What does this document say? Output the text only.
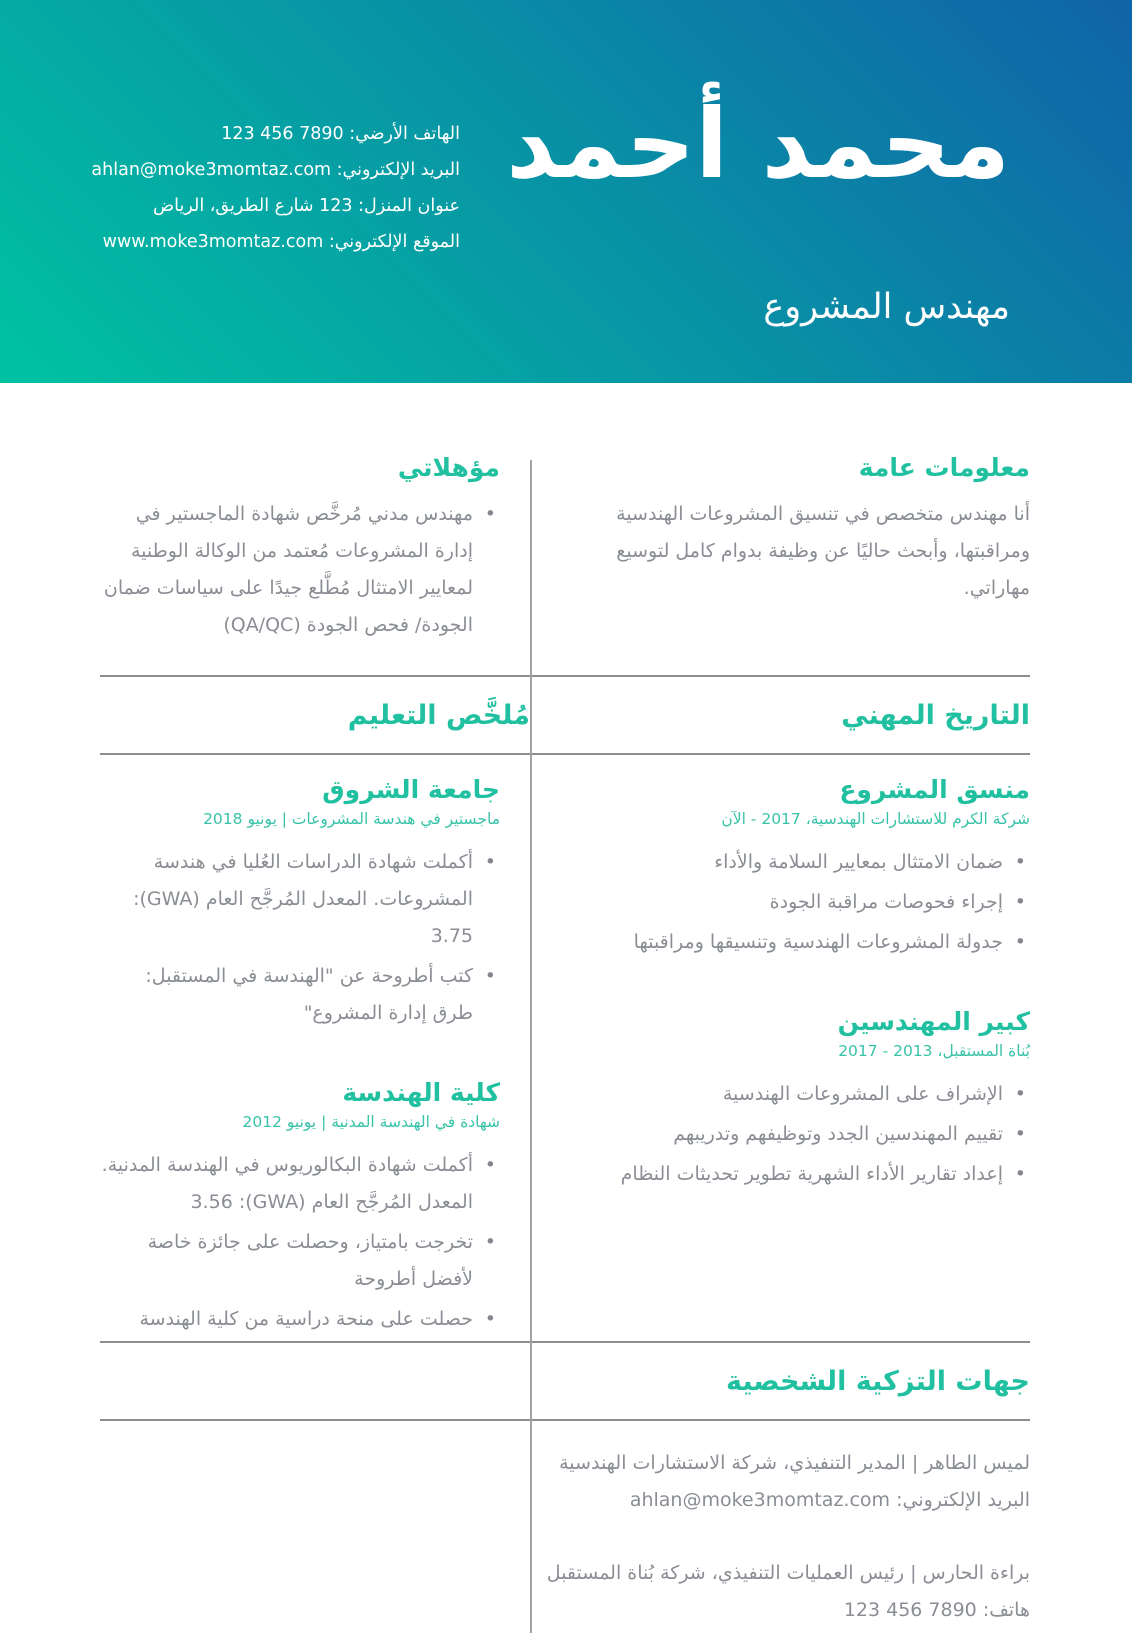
محمد أحمد

مهندس المشروع

الهاتف الأرضي: 123 456 7890
البريد الإلكتروني: ahlan@moke3momtaz.com
عنوان المنزل: 123 شارع الطريق، الرياض
الموقع الإلكتروني: www.moke3momtaz.com
معلومات عامة

أنا مهندس متخصص في تنسيق المشروعات الهندسية ومراقبتها، وأبحث حاليًا عن وظيفة بدوام كامل لتوسيع مهاراتي.

مؤهلاتي
• مهندس مدني مُرخَّص شهادة الماجستير في إدارة المشروعات مُعتمد من الوكالة الوطنية لمعايير الامتثال مُطَّلع جيدًا على سياسات ضمان الجودة/ فحص الجودة (QA/QC)
التاريخ المهني
مُلخَّص التعليم
منسق المشروع

شركة الكرم للاستشارات الهندسية، 2017 - الآن

• ضمان الامتثال بمعايير السلامة والأداء
• إجراء فحوصات مراقبة الجودة
• جدولة المشروعات الهندسية وتنسيقها ومراقبتها
كبير المهندسين

بُناة المستقبل، 2013 - 2017

• الإشراف على المشروعات الهندسية
• تقييم المهندسين الجدد وتوظيفهم وتدريبهم
• إعداد تقارير الأداء الشهرية تطوير تحديثات النظام
جامعة الشروق

ماجستير في هندسة المشروعات | يونيو 2018

• أكملت شهادة الدراسات العُليا في هندسة المشروعات. المعدل المُرجَّح العام (GWA): 3.75
• كتب أطروحة عن "الهندسة في المستقبل: طرق إدارة المشروع"
كلية الهندسة

شهادة في الهندسة المدنية | يونيو 2012

• أكملت شهادة البكالوريوس في الهندسة المدنية. المعدل المُرجَّح العام (GWA): 3.56
• تخرجت بامتياز، وحصلت على جائزة خاصة لأفضل أطروحة
• حصلت على منحة دراسية من كلية الهندسة
جهات التزكية الشخصية

لميس الطاهر | المدير التنفيذي، شركة الاستشارات الهندسية البريد الإلكتروني: ahlan@moke3momtaz.com

براءة الحارس | رئيس العمليات التنفيذي، شركة بُناة المستقبل هاتف: 123 456 7890
